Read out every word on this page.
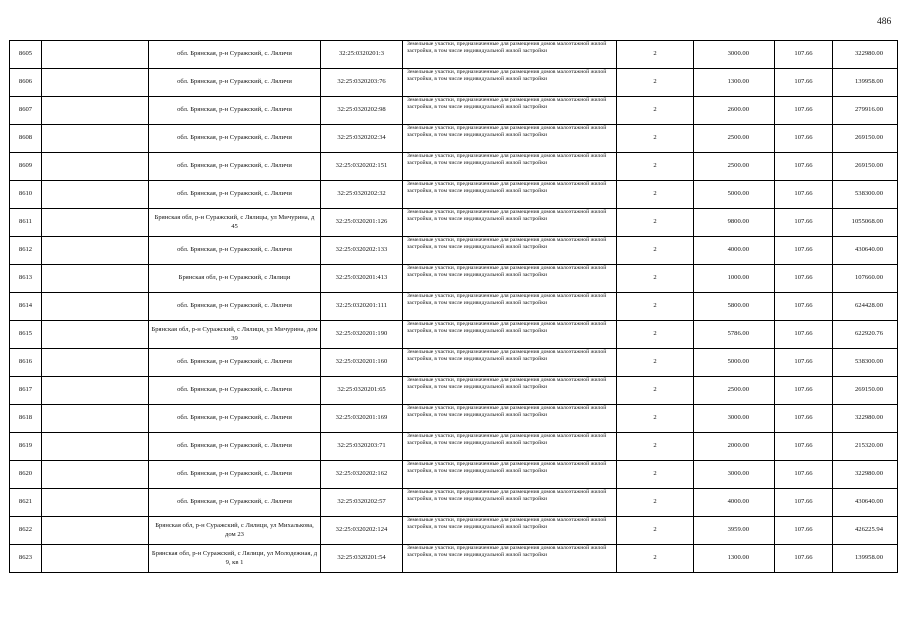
486
8605		обл. Брянская, р-н Суражский, с. Ляличи	32:25:0320201:3	Земельные участки, предназначенные для размещения домов малоэтажной жилой застройки, в том числе индивидуальной жилой застройки	2	3000.00	107.66	322980.00
8606		обл. Брянская, р-н Суражский, с. Ляличи	32:25:0320203:76	Земельные участки, предназначенные для размещения домов малоэтажной жилой застройки, в том числе индивидуальной жилой застройки	2	1300.00	107.66	139958.00
8607		обл. Брянская, р-н Суражский, с. Ляличи	32:25:0320202:98	Земельные участки, предназначенные для размещения домов малоэтажной жилой застройки, в том числе индивидуальной жилой застройки	2	2600.00	107.66	279916.00
8608		обл. Брянская, р-н Суражский, с. Ляличи	32:25:0320202:34	Земельные участки, предназначенные для размещения домов малоэтажной жилой застройки, в том числе индивидуальной жилой застройки	2	2500.00	107.66	269150.00
8609		обл. Брянская, р-н Суражский, с. Ляличи	32:25:0320202:151	Земельные участки, предназначенные для размещения домов малоэтажной жилой застройки, в том числе индивидуальной жилой застройки	2	2500.00	107.66	269150.00
8610		обл. Брянская, р-н Суражский, с. Ляличи	32:25:0320202:32	Земельные участки, предназначенные для размещения домов малоэтажной жилой застройки, в том числе индивидуальной жилой застройки	2	5000.00	107.66	538300.00
8611		Брянская обл, р-н Суражский, с Лялицы, ул Мичурина, д 45	32:25:0320201:126	Земельные участки, предназначенные для размещения домов малоэтажной жилой застройки, в том числе индивидуальной жилой застройки	2	9800.00	107.66	1055068.00
8612		обл. Брянская, р-н Суражский, с. Ляличи	32:25:0320202:133	Земельные участки, предназначенные для размещения домов малоэтажной жилой застройки, в том числе индивидуальной жилой застройки	2	4000.00	107.66	430640.00
8613		Брянская обл, р-н Суражский, с Лялици	32:25:0320201:413	Земельные участки, предназначенные для размещения домов малоэтажной жилой застройки, в том числе индивидуальной жилой застройки	2	1000.00	107.66	107660.00
8614		обл. Брянская, р-н Суражский, с. Ляличи	32:25:0320201:111	Земельные участки, предназначенные для размещения домов малоэтажной жилой застройки, в том числе индивидуальной жилой застройки	2	5800.00	107.66	624428.00
8615		Брянская обл, р-н Суражский, с Лялици, ул Мичурина, дом 39	32:25:0320201:190	Земельные участки, предназначенные для размещения домов малоэтажной жилой застройки, в том числе индивидуальной жилой застройки	2	5786.00	107.66	622920.76
8616		обл. Брянская, р-н Суражский, с. Ляличи	32:25:0320201:160	Земельные участки, предназначенные для размещения домов малоэтажной жилой застройки, в том числе индивидуальной жилой застройки	2	5000.00	107.66	538300.00
8617		обл. Брянская, р-н Суражский, с. Ляличи	32:25:0320201:65	Земельные участки, предназначенные для размещения домов малоэтажной жилой застройки, в том числе индивидуальной жилой застройки	2	2500.00	107.66	269150.00
8618		обл. Брянская, р-н Суражский, с. Ляличи	32:25:0320201:169	Земельные участки, предназначенные для размещения домов малоэтажной жилой застройки, в том числе индивидуальной жилой застройки	2	3000.00	107.66	322980.00
8619		обл. Брянская, р-н Суражский, с. Ляличи	32:25:0320203:71	Земельные участки, предназначенные для размещения домов малоэтажной жилой застройки, в том числе индивидуальной жилой застройки	2	2000.00	107.66	215320.00
8620		обл. Брянская, р-н Суражский, с. Ляличи	32:25:0320202:162	Земельные участки, предназначенные для размещения домов малоэтажной жилой застройки, в том числе индивидуальной жилой застройки	2	3000.00	107.66	322980.00
8621		обл. Брянская, р-н Суражский, с. Ляличи	32:25:0320202:57	Земельные участки, предназначенные для размещения домов малоэтажной жилой застройки, в том числе индивидуальной жилой застройки	2	4000.00	107.66	430640.00
8622		Брянская обл, р-н Суражский, с Лялици, ул Михалькова, дом 23	32:25:0320202:124	Земельные участки, предназначенные для размещения домов малоэтажной жилой застройки, в том числе индивидуальной жилой застройки	2	3959.00	107.66	426225.94
8623		Брянская обл, р-н Суражский, с Лялици, ул Молодежная, д 9, кв 1	32:25:0320201:54	Земельные участки, предназначенные для размещения домов малоэтажной жилой застройки, в том числе индивидуальной жилой застройки	2	1300.00	107.66	139958.00
